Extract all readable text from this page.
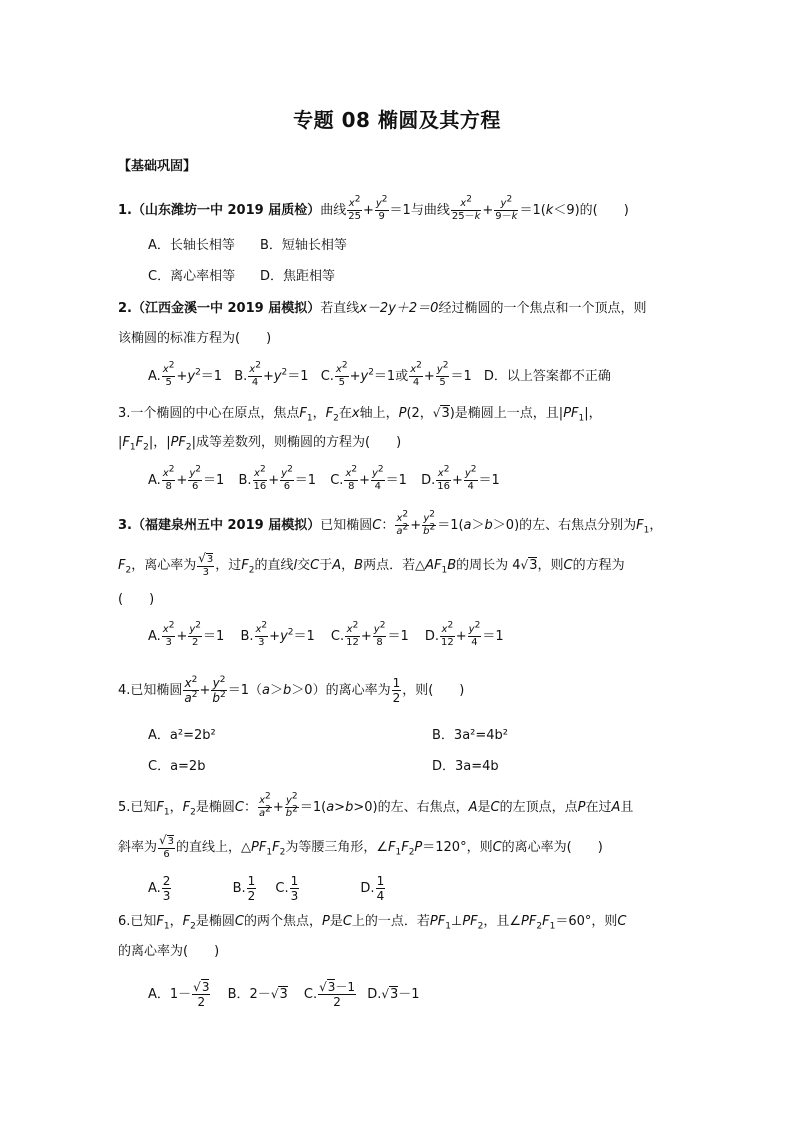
专题 08 椭圆及其方程
【基础巩固】
1.（山东潍坊一中 2019 届质检）曲线 $\frac{x^2}{25} + \frac{y^2}{9} =1$与曲线 $\frac{x^2}{25-k} + \frac{y^2}{9-k} =1(k<9)$的(　　)
A．长轴长相等 B．短轴长相等
C．离心率相等 D．焦距相等
2.（江西金溪一中 2019 届模拟）若直线x－2y＋2＝0经过椭圆的一个焦点和一个顶点，则
该椭圆的标准方程为(　　)
A. $\frac{x^2}{5} +y^2=1$ B. $\frac{x^2}{4} +y^2=1$ C. $\frac{x^2}{5} +y^2=1$或 $\frac{x^2}{4} + \frac{y^2}{5} =1$ D．以上答案都不正确
3.一个椭圆的中心在原点，焦点$F_1$，$F_2$在x轴上，P(2，√3)是椭圆上一点，且$|PF_1|$，
$|F_1F_2|$，$|PF_2|$成等差数列，则椭圆的方程为(　　)
A. $\frac{x^2}{8} + \frac{y^2}{6} =1$ B. $\frac{x^2}{16} + \frac{y^2}{6} =1$ C. $\frac{x^2}{8} + \frac{y^2}{4} =1$ D. $\frac{x^2}{16} + \frac{y^2}{4} =1$
3.（福建泉州五中 2019 届模拟）已知椭圆C： $\frac{x^2}{a^2} + \frac{y^2}{b^2} =1(a>b>0)$的左、右焦点分别为$F_1$，
$F_2$，离心率为 $\frac{√3}{3}$ ，过$F_2$的直线l交C于A，B两点．若$\triangle AF_1B$的周长为 4√3，则C的方程为
(　　)
A. $\frac{x^2}{3} + \frac{y^2}{2} =1$ B. $\frac{x^2}{3} +y^2=1$ C. $\frac{x^2}{12} + \frac{y^2}{8} =1$ D. $\frac{x^2}{12} + \frac{y^2}{4} =1$
4.已知椭圆 $\frac{x^2}{a^2} + \frac{y^2}{b^2} =1(a>b>0)$的离心率为 $\frac{1}{2}$ ，则(　　)
A．a²=2b²	B．3a²=4b²
C．a=2b	D．3a=4b
5.已知$F_1$，$F_2$是椭圆C： $\frac{x^2}{a^2} + \frac{y^2}{b^2} =1(a>b>0)$的左、右焦点，A是C的左顶点，点P在过A且
斜率为 $\frac{√3}{6}$ 的直线上，$\triangle PF_1F_2$为等腰三角形，$\angle F_1F_2P=120^\circ$，则C的离心率为(　　)
A. $\frac{2}{3}$	B. $\frac{1}{2} C$. $\frac{1}{3}$	D. $\frac{1}{4}$
6.已知$F_1$，$F_2$是椭圆C的两个焦点，P是C上的一点．若$PF_1\perp PF_2$，且$\angle PF_2F_1=60^\circ$，则C
的离心率为(　　)
A．$1- \frac{√3}{2}$ B．2－√3 C. $\frac{√3-1}{2} D.√3-1$
